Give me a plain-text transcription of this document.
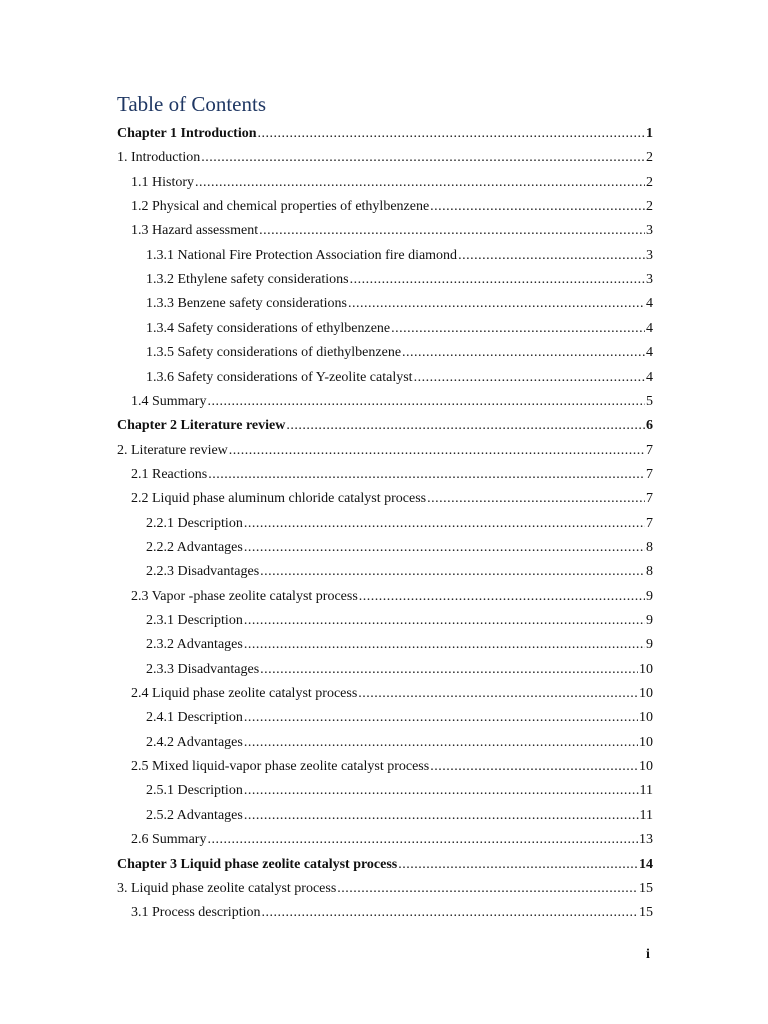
Table of Contents
Chapter 1 Introduction .....	1
1. Introduction .....	2
1.1 History .....	2
1.2 Physical and chemical properties of ethylbenzene .....	2
1.3 Hazard assessment .....	3
1.3.1 National Fire Protection Association fire diamond .....	3
1.3.2 Ethylene safety considerations .....	3
1.3.3 Benzene safety considerations .....	4
1.3.4 Safety considerations of ethylbenzene .....	4
1.3.5 Safety considerations of diethylbenzene .....	4
1.3.6 Safety considerations of Y-zeolite catalyst .....	4
1.4 Summary .....	5
Chapter 2 Literature review .....	6
2. Literature review .....	7
2.1 Reactions .....	7
2.2 Liquid phase aluminum chloride catalyst process .....	7
2.2.1 Description .....	7
2.2.2 Advantages .....	8
2.2.3 Disadvantages .....	8
2.3 Vapor -phase zeolite catalyst process .....	9
2.3.1 Description .....	9
2.3.2 Advantages .....	9
2.3.3 Disadvantages .....	10
2.4 Liquid phase zeolite catalyst process .....	10
2.4.1 Description .....	10
2.4.2 Advantages .....	10
2.5 Mixed liquid-vapor phase zeolite catalyst process .....	10
2.5.1 Description .....	11
2.5.2 Advantages .....	11
2.6 Summary .....	13
Chapter 3 Liquid phase zeolite catalyst process .....	14
3. Liquid phase zeolite catalyst process .....	15
3.1 Process description .....	15
i
